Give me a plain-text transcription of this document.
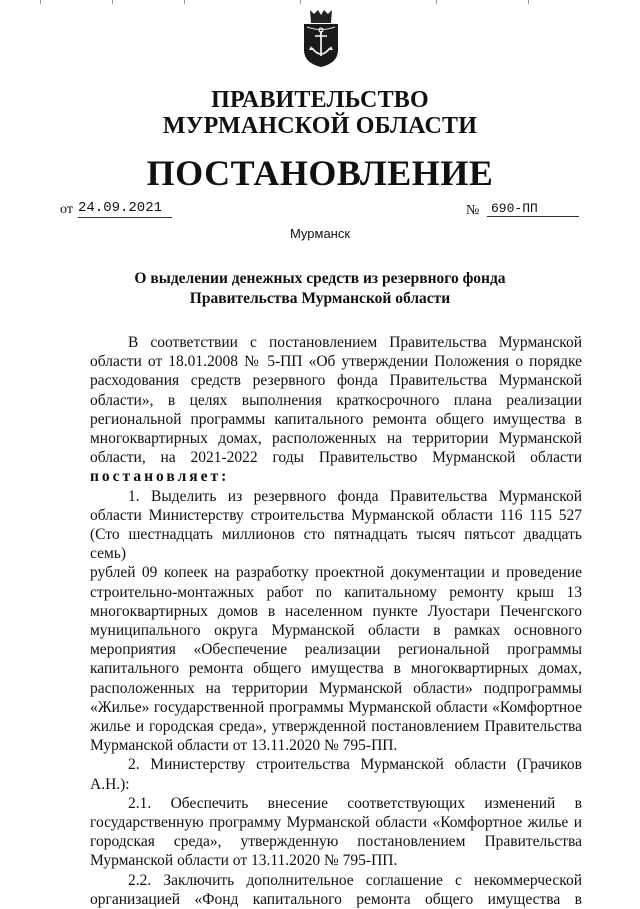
ПРАВИТЕЛЬСТВО
МУРМАНСКОЙ ОБЛАСТИ
ПОСТАНОВЛЕНИЕ
от 24.09.2021	№ 690-ПП
Мурманск
О выделении денежных средств из резервного фонда
Правительства Мурманской области

В соответствии с постановлением Правительства Мурманской

области от 18.01.2008 № 5-ПП «Об утверждении Положения о порядке

расходования средств резервного фонда Правительства Мурманской

области», в целях выполнения краткосрочного плана реализации

региональной программы капитального ремонта общего имущества в

многоквартирных домах, расположенных на территории Мурманской

области, на 2021-2022 годы Правительство Мурманской области

постановляет:

1. Выделить из резервного фонда Правительства Мурманской

области Министерству строительства Мурманской области 116 115 527

(Сто шестнадцать миллионов сто пятнадцать тысяч пятьсот двадцать семь)

рублей 09 копеек на разработку проектной документации и проведение

строительно-монтажных работ по капитальному ремонту крыш 13

многоквартирных домов в населенном пункте Луостари Печенгского

муниципального округа Мурманской области в рамках основного

мероприятия «Обеспечение реализации региональной программы

капитального ремонта общего имущества в многоквартирных домах,

расположенных на территории Мурманской области» подпрограммы

«Жилье» государственной программы Мурманской области «Комфортное

жилье и городская среда», утвержденной постановлением Правительства

Мурманской области от 13.11.2020 № 795-ПП.

2. Министерству строительства Мурманской области (Грачиков

А.Н.):

2.1. Обеспечить внесение соответствующих изменений в

государственную программу Мурманской области «Комфортное жилье и

городская среда», утвержденную постановлением Правительства

Мурманской области от 13.11.2020 № 795-ПП.

2.2. Заключить дополнительное соглашение с некоммерческой

организацией «Фонд капитального ремонта общего имущества в
